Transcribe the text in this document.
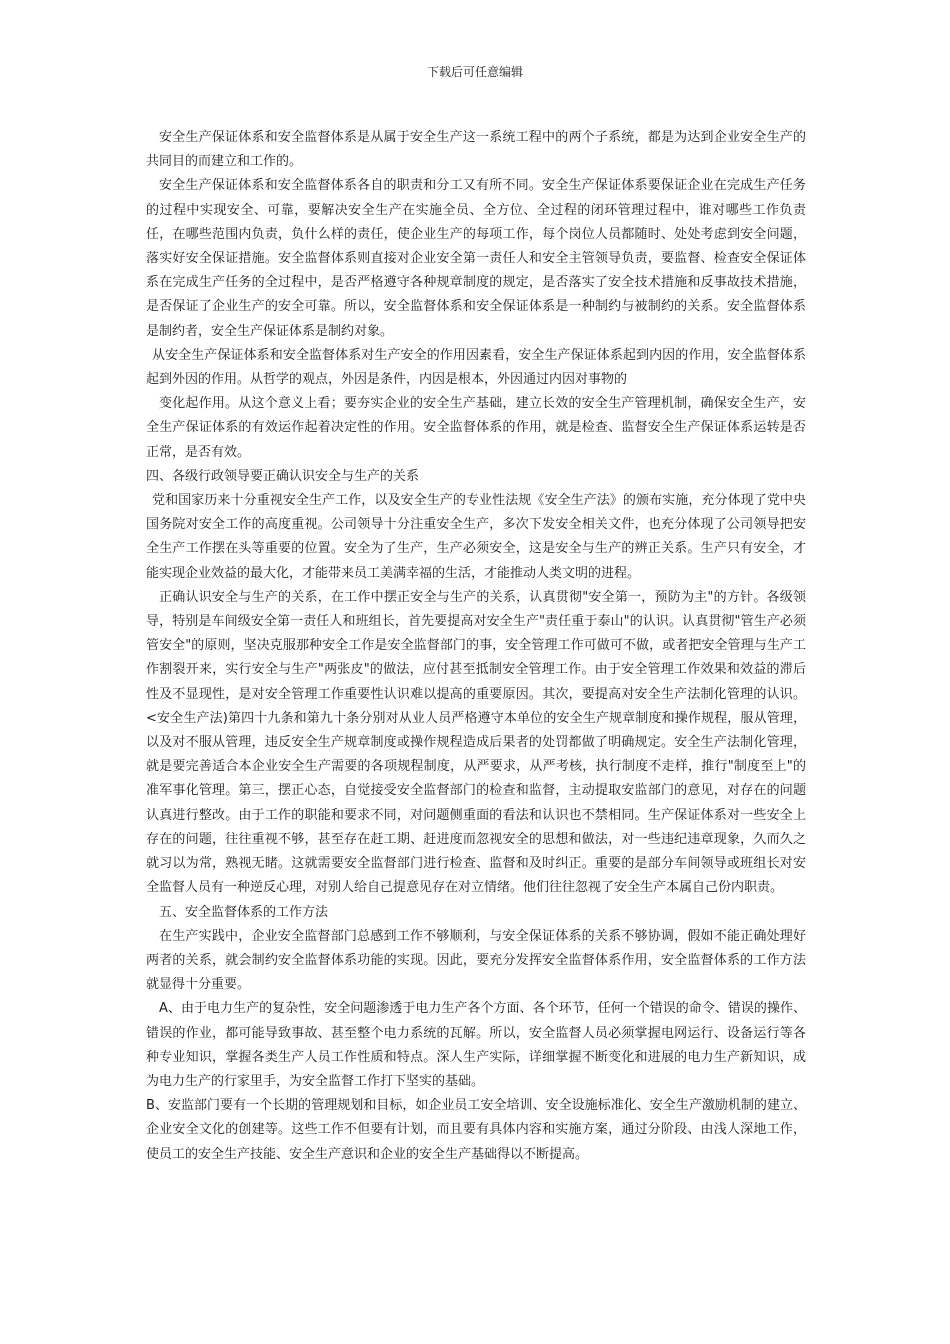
下载后可任意编辑

安全生产保证体系和安全监督体系是从属于安全生产这一系统工程中的两个子系统，都是为达到企业安全生产的共同目的而建立和工作的。

安全生产保证体系和安全监督体系各自的职责和分工又有所不同。安全生产保证体系要保证企业在完成生产任务的过程中实现安全、可靠，要解决安全生产在实施全员、全方位、全过程的闭环管理过程中，谁对哪些工作负责任，在哪些范围内负责，负什么样的责任，使企业生产的每项工作，每个岗位人员都随时、处处考虑到安全问题，落实好安全保证措施。安全监督体系则直接对企业安全第一责任人和安全主管领导负责，要监督、检查安全保证体系在完成生产任务的全过程中，是否严格遵守各种规章制度的规定，是否落实了安全技术措施和反事故技术措施，是否保证了企业生产的安全可靠。所以，安全监督体系和安全保证体系是一种制约与被制约的关系。安全监督体系是制约者，安全生产保证体系是制约对象。

从安全生产保证体系和安全监督体系对生产安全的作用因素看，安全生产保证体系起到内因的作用，安全监督体系起到外因的作用。从哲学的观点，外因是条件，内因是根本，外因通过内因对事物的

变化起作用。从这个意义上看；要夯实企业的安全生产基础，建立长效的安全生产管理机制，确保安全生产，安全生产保证体系的有效运作起着决定性的作用。安全监督体系的作用，就是检查、监督安全生产保证体系运转是否正常，是否有效。

四、各级行政领导要正确认识安全与生产的关系

党和国家历来十分重视安全生产工作，以及安全生产的专业性法规《安全生产法》的颁布实施，充分体现了党中央国务院对安全工作的高度重视。公司领导十分注重安全生产，多次下发安全相关文件，也充分体现了公司领导把安全生产工作摆在头等重要的位置。安全为了生产，生产必须安全，这是安全与生产的辨正关系。生产只有安全，才能实现企业效益的最大化，才能带来员工美满幸福的生活，才能推动人类文明的进程。

正确认识安全与生产的关系，在工作中摆正安全与生产的关系，认真贯彻"安全第一，预防为主"的方针。各级领导，特别是车间级安全第一责任人和班组长，首先要提高对安全生产"责任重于泰山"的认识。认真贯彻"管生产必须管安全"的原则，坚决克服那种安全工作是安全监督部门的事，安全管理工作可做可不做，或者把安全管理与生产工作割裂开来，实行安全与生产"两张皮"的做法，应付甚至抵制安全管理工作。由于安全管理工作效果和效益的滞后性及不显现性，是对安全管理工作重要性认识难以提高的重要原因。其次，要提高对安全生产法制化管理的认识。<安全生产法)第四十九条和第九十条分别对从业人员严格遵守本单位的安全生产规章制度和操作规程，服从管理，以及对不服从管理，违反安全生产规章制度或操作规程造成后果者的处罚都做了明确规定。安全生产法制化管理，就是要完善适合本企业安全生产需要的各项规程制度，从严要求，从严考核，执行制度不走样，推行"制度至上"的准军事化管理。第三，摆正心态，自觉接受安全监督部门的检查和监督，主动提取安监部门的意见，对存在的问题认真进行整改。由于工作的职能和要求不同，对问题侧重面的看法和认识也不禁相同。生产保证体系对一些安全上存在的问题，往往重视不够，甚至存在赶工期、赶进度而忽视安全的思想和做法，对一些违纪违章现象，久而久之就习以为常，熟视无睹。这就需要安全监督部门进行检查、监督和及时纠正。重要的是部分车间领导或班组长对安全监督人员有一种逆反心理，对别人给自己提意见存在对立情绪。他们往往忽视了安全生产本属自己份内职责。

五、安全监督体系的工作方法

在生产实践中，企业安全监督部门总感到工作不够顺利，与安全保证体系的关系不够协调，假如不能正确处理好两者的关系，就会制约安全监督体系功能的实现。因此，要充分发挥安全监督体系作用，安全监督体系的工作方法就显得十分重要。

A、由于电力生产的复杂性，安全问题渗透于电力生产各个方面、各个环节，任何一个错误的命令、错误的操作、错误的作业，都可能导致事故、甚至整个电力系统的瓦解。所以，安全监督人员必须掌握电网运行、设备运行等各种专业知识，掌握各类生产人员工作性质和特点。深人生产实际，详细掌握不断变化和进展的电力生产新知识，成为电力生产的行家里手，为安全监督工作打下坚实的基础。

B、安监部门要有一个长期的管理规划和目标，如企业员工安全培训、安全设施标准化、安全生产激励机制的建立、企业安全文化的创建等。这些工作不但要有计划，而且要有具体内容和实施方案，通过分阶段、由浅人深地工作，使员工的安全生产技能、安全生产意识和企业的安全生产基础得以不断提高。
